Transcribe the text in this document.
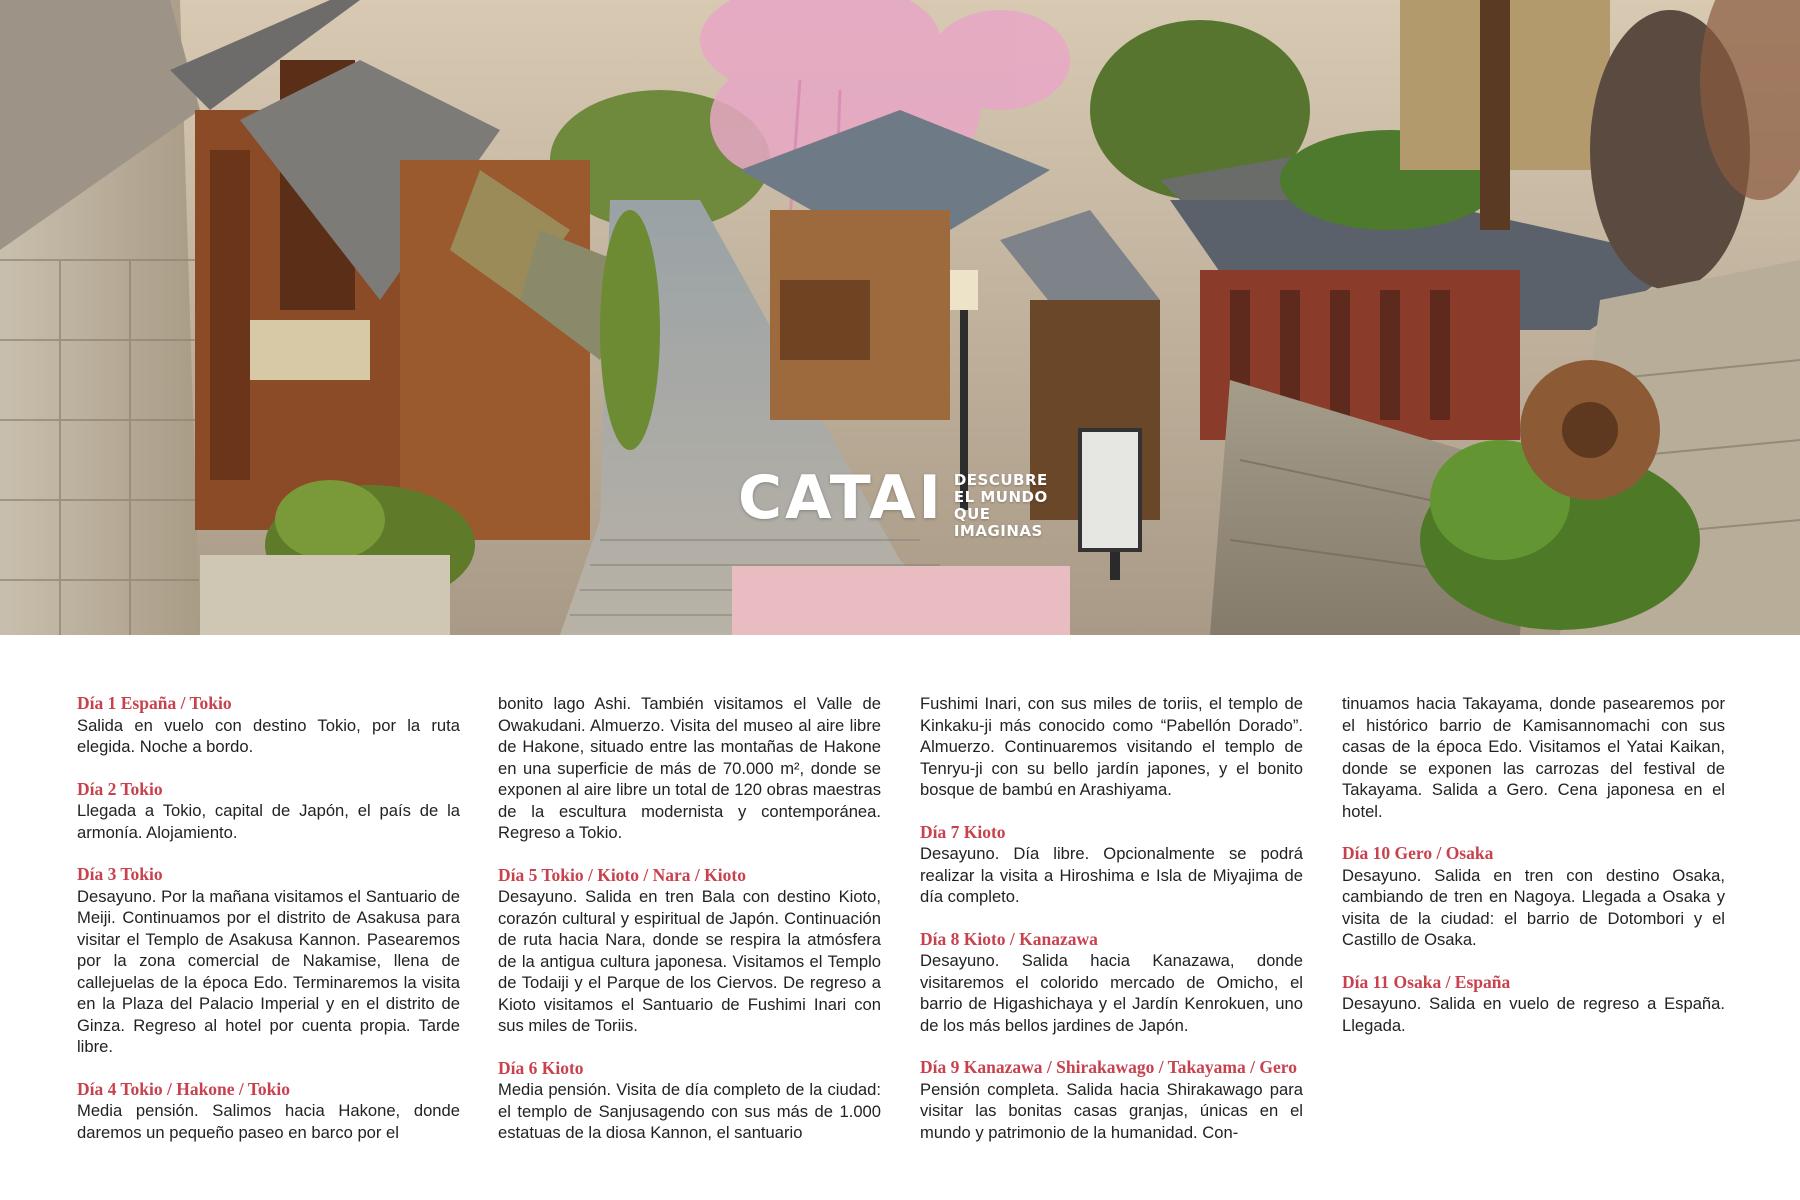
CATAI DESCUBRE EL MUNDO QUE IMAGINAS

Día 1 España / Tokio

Salida en vuelo con destino Tokio, por la ruta elegida. Noche a bordo.

Día 2 Tokio

Llegada a Tokio, capital de Japón, el país de la armonía. Alojamiento.

Día 3 Tokio

Desayuno. Por la mañana visitamos el Santuario de Meiji. Continuamos por el distrito de Asakusa para visitar el Templo de Asakusa Kannon. Pasearemos por la zona comercial de Nakamise, llena de callejuelas de la época Edo. Terminaremos la visita en la Plaza del Palacio Imperial y en el distrito de Ginza. Regreso al hotel por cuenta propia. Tarde libre.

Día 4 Tokio / Hakone / Tokio

Media pensión. Salimos hacia Hakone, donde daremos un pequeño paseo en barco por el

bonito lago Ashi. También visitamos el Valle de Owakudani. Almuerzo. Visita del museo al aire libre de Hakone, situado entre las montañas de Hakone en una superficie de más de 70.000 m², donde se exponen al aire libre un total de 120 obras maestras de la escultura modernista y contemporánea. Regreso a Tokio.

Día 5 Tokio / Kioto / Nara / Kioto

Desayuno. Salida en tren Bala con destino Kioto, corazón cultural y espiritual de Japón. Continuación de ruta hacia Nara, donde se respira la atmósfera de la antigua cultura japonesa. Visitamos el Templo de Todaiji y el Parque de los Ciervos. De regreso a Kioto visitamos el Santuario de Fushimi Inari con sus miles de Toriis.

Día 6 Kioto

Media pensión. Visita de día completo de la ciudad: el templo de Sanjusagendo con sus más de 1.000 estatuas de la diosa Kannon, el santuario

Fushimi Inari, con sus miles de toriis, el templo de Kinkaku-ji más conocido como “Pabellón Dorado”. Almuerzo. Continuaremos visitando el templo de Tenryu-ji con su bello jardín japones, y el bonito bosque de bambú en Arashiyama.

Día 7 Kioto

Desayuno. Día libre. Opcionalmente se podrá realizar la visita a Hiroshima e Isla de Miyajima de día completo.

Día 8 Kioto / Kanazawa

Desayuno. Salida hacia Kanazawa, donde visitaremos el colorido mercado de Omicho, el barrio de Higashichaya y el Jardín Kenrokuen, uno de los más bellos jardines de Japón.

Día 9 Kanazawa / Shirakawago / Takayama / Gero

Pensión completa. Salida hacia Shirakawago para visitar las bonitas casas granjas, únicas en el mundo y patrimonio de la humanidad. Con-

tinuamos hacia Takayama, donde pasearemos por el histórico barrio de Kamisannomachi con sus casas de la época Edo. Visitamos el Yatai Kaikan, donde se exponen las carrozas del festival de Takayama. Salida a Gero. Cena japonesa en el hotel.

Día 10 Gero / Osaka

Desayuno. Salida en tren con destino Osaka, cambiando de tren en Nagoya. Llegada a Osaka y visita de la ciudad: el barrio de Dotombori y el Castillo de Osaka.

Día 11 Osaka / España

Desayuno. Salida en vuelo de regreso a España. Llegada.
